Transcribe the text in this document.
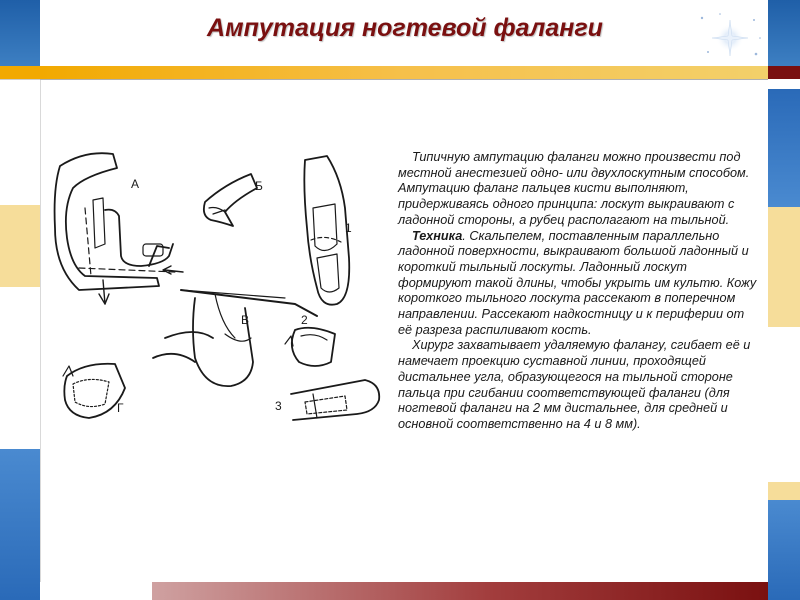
Ампутация ногтевой фаланги
А	Б
1
В	2
Г	3

Типичную ампутацию фаланги можно произвести под местной анестезией одно- или двухлоскутным способом. Ампутацию фаланг пальцев кисти выполняют, придерживаясь одного принципа: лоскут выкраивают с ладонной стороны, а рубец располагают на тыльной.

Техника. Скальпелем, поставленным параллельно ладонной поверхности, выкраивают большой ладонный и короткий тыльный лоскуты. Ладонный лоскут формируют такой длины, чтобы укрыть им культю. Кожу короткого тыльного лоскута рассекают в поперечном направлении. Рассекают надкостницу и к периферии от её разреза распиливают кость.

Хирург захватывает удаляемую фалангу, сгибает её и намечает проекцию суставной линии, проходящей дистальнее угла, образующегося на тыльной стороне пальца при сгибании соответствующей фаланги (для ногтевой фаланги на 2 мм дистальнее, для средней и основной соответственно на 4 и 8 мм).
